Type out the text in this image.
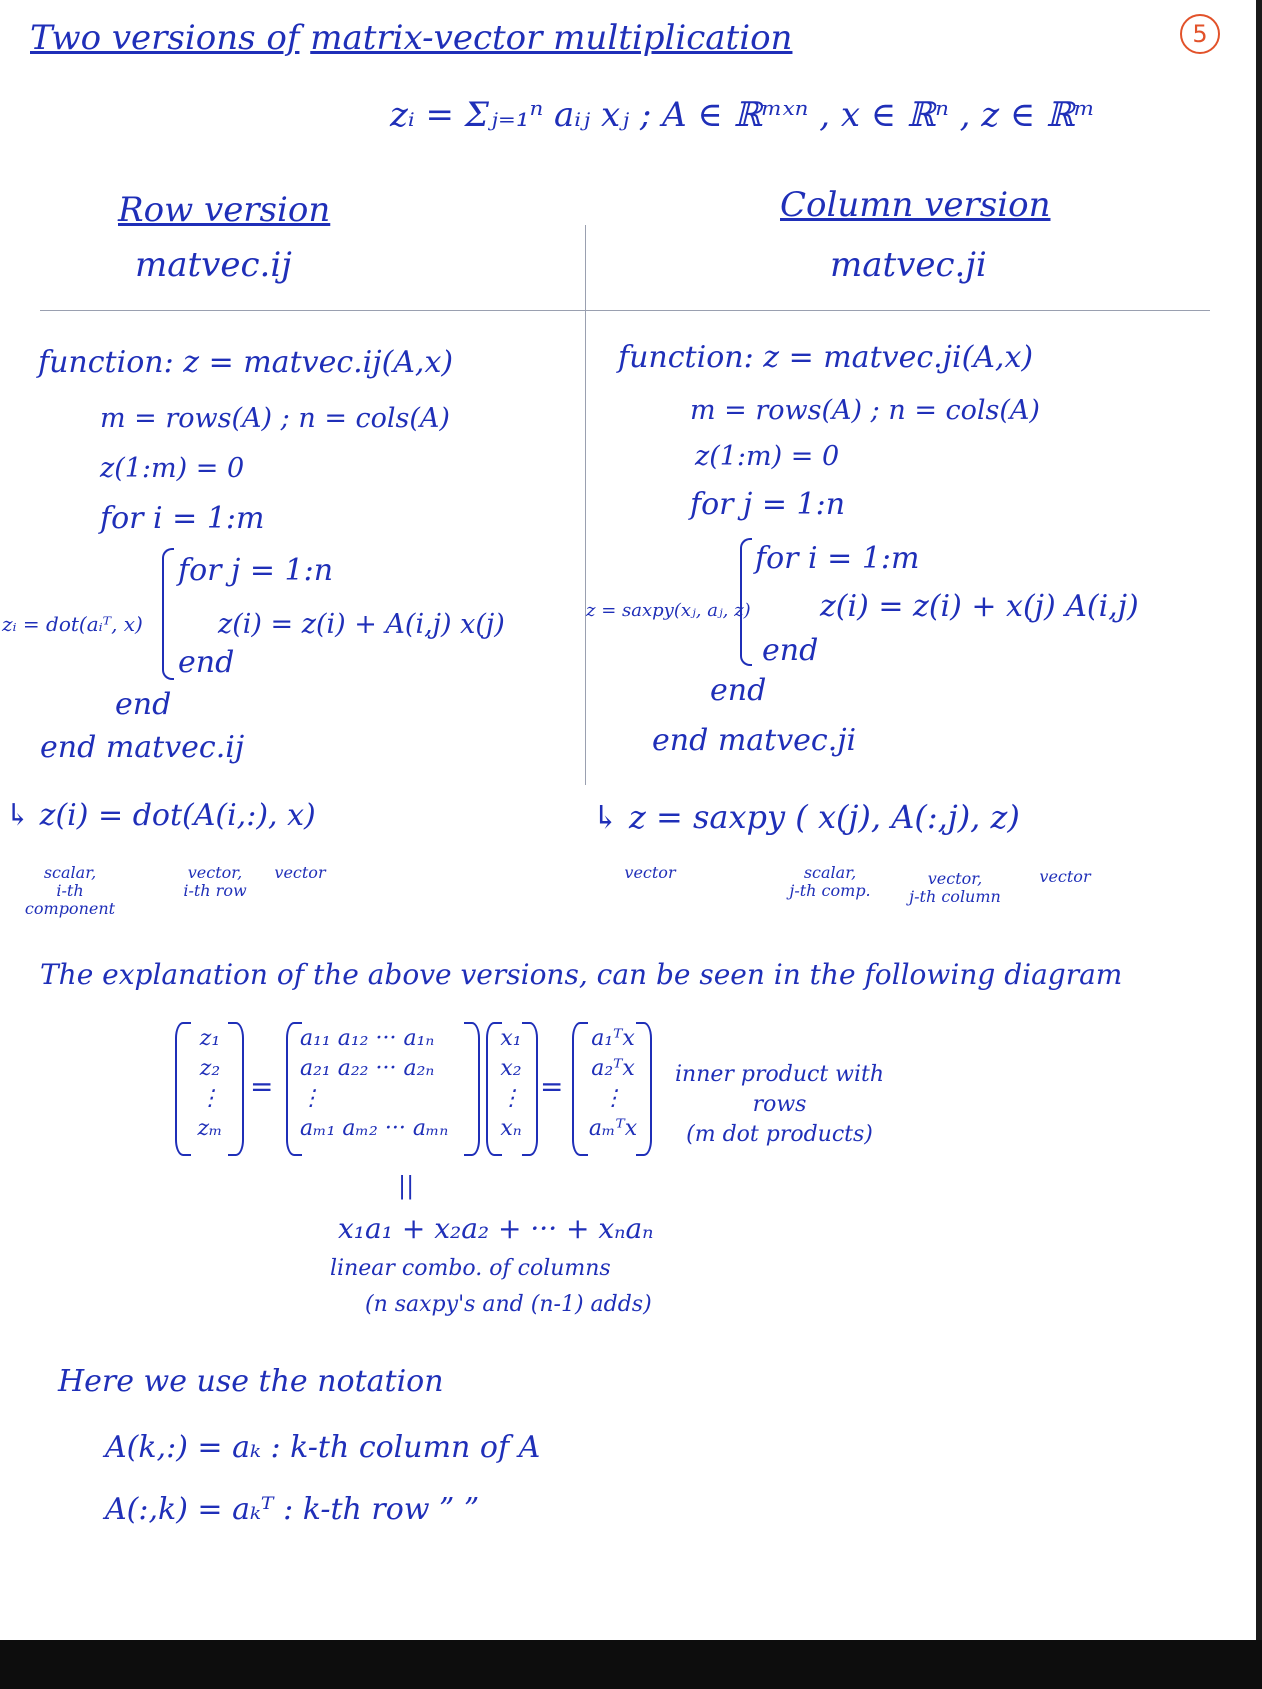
Two versions of matrix-vector multiplication	5
zᵢ = Σⱼ₌₁ⁿ aᵢⱼ xⱼ ; A ∈ ℝᵐˣⁿ , x ∈ ℝⁿ , z ∈ ℝᵐ
Row version
matvec.ij
Column version
matvec.ji
function: z = matvec.ij(A,x)
m = rows(A) ; n = cols(A)
z(1:m) = 0
for i = 1:m
for j = 1:n
z(i) = z(i) + A(i,j) x(j)
end
end
end matvec.ij
zᵢ = dot(aᵢᵀ, x)
function: z = matvec.ji(A,x)
m = rows(A) ; n = cols(A)
z(1:m) = 0
for j = 1:n
for i = 1:m
z(i) = z(i) + x(j) A(i,j)
end
end
end matvec.ji
z = saxpy(xⱼ, aⱼ, z)
↳ z(i) = dot(A(i,:), x)
scalar,
i-th component
vector,
i-th row
vector
↳ z = saxpy ( x(j), A(:,j), z)
vector	scalar,
j-th comp.
vector,
j-th column
vector
The explanation of the above versions, can be seen in the following diagram
z₁
z₂
⋮
zₘ
=
a₁₁ a₁₂ ··· a₁ₙ
a₂₁ a₂₂ ··· a₂ₙ
⋮
aₘ₁ aₘ₂ ··· aₘₙ
x₁
x₂
⋮
xₙ
=
a₁ᵀx
a₂ᵀx
⋮
aₘᵀx
inner product with
rows
(m dot products)
||
x₁a₁ + x₂a₂ + ··· + xₙaₙ
linear combo. of columns
(n saxpy's and (n-1) adds)
Here we use the notation
A(k,:) = aₖ : k-th column of A
A(:,k) = aₖᵀ : k-th row ” ”
